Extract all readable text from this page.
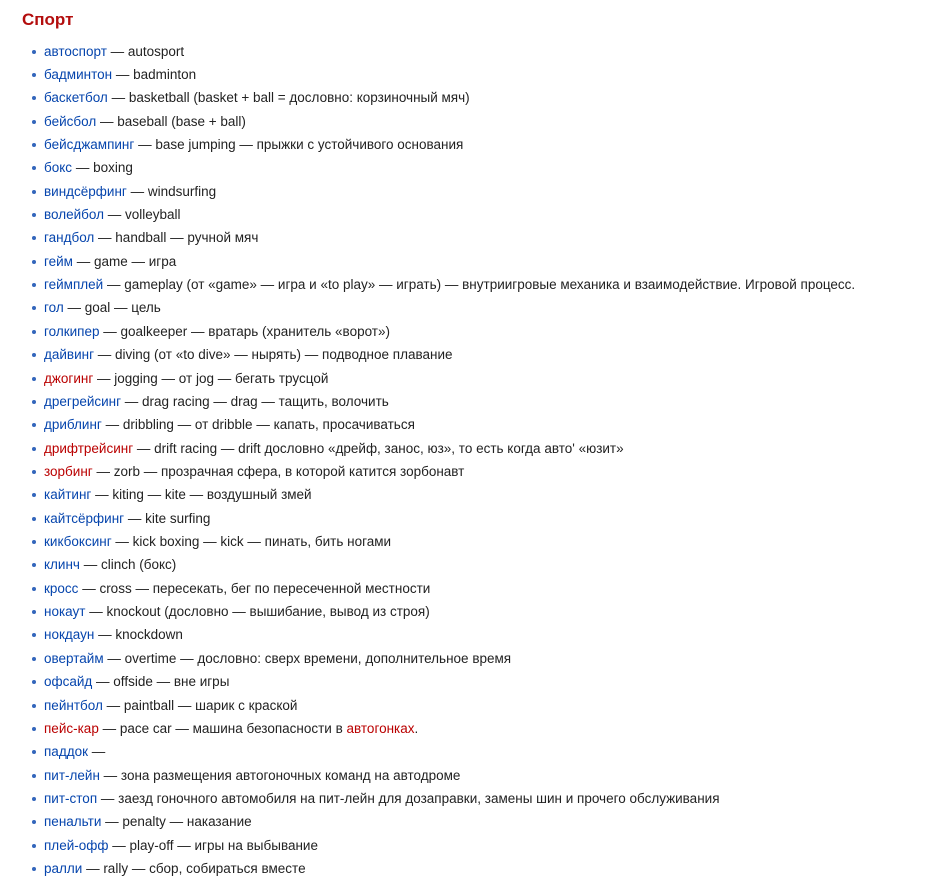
Спорт
автоспорт — autosport
бадминтон — badminton
баскетбол — basketball (basket + ball = дословно: корзиночный мяч)
бейсбол — baseball (base + ball)
бейсджампинг — base jumping — прыжки с устойчивого основания
бокс — boxing
виндсёрфинг — windsurfing
волейбол — volleyball
гандбол — handball — ручной мяч
гейм — game — игра
геймплей — gameplay (от «game» — игра и «to play» — играть) — внутриигровые механика и взаимодействие. Игровой процесс.
гол — goal — цель
голкипер — goalkeeper — вратарь (хранитель «ворот»)
дайвинг — diving (от «to dive» — нырять) — подводное плавание
джогинг — jogging — от jog — бегать трусцой
дрегрейсинг — drag racing — drag — тащить, волочить
дриблинг — dribbling — от dribble — капать, просачиваться
дрифтрейсинг — drift racing — drift дословно «дрейф, занос, юз», то есть когда авто' «юзит»
зорбинг — zorb — прозрачная сфера, в которой катится зорбонавт
кайтинг — kiting — kite — воздушный змей
кайтсёрфинг — kite surfing
кикбоксинг — kick boxing — kick — пинать, бить ногами
клинч — clinch (бокс)
кросс — cross — пересекать, бег по пересеченной местности
нокаут — knockout (дословно — вышибание, вывод из строя)
нокдаун — knockdown
овертайм — overtime — дословно: сверх времени, дополнительное время
офсайд — offside — вне игры
пейнтбол — paintball — шарик с краской
пейс-кар — pace car — машина безопасности в автогонках.
паддок —
пит-лейн — зона размещения автогоночных команд на автодроме
пит-стоп — заезд гоночного автомобиля на пит-лейн для дозаправки, замены шин и прочего обслуживания
пенальти — penalty — наказание
плей-офф — play-off — игры на выбывание
ралли — rally — сбор, собираться вместе
